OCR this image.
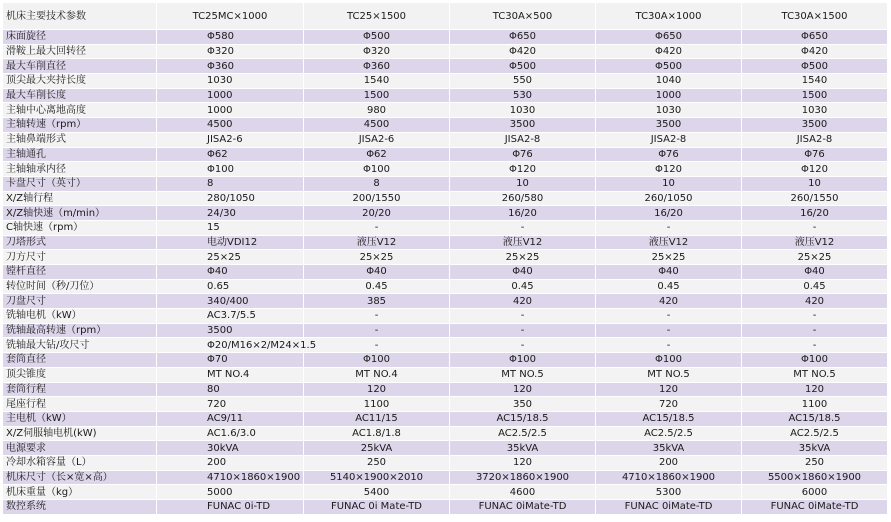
机床主要技术参数	TC25MC×1000	TC25×1500	TC30A×500	TC30A×1000	TC30A×1500
床面旋径	Φ580	Φ500	Φ650	Φ650	Φ650
滑鞍上最大回转径	Φ320	Φ320	Φ420	Φ420	Φ420
最大车削直径	Φ360	Φ360	Φ500	Φ500	Φ500
顶尖最大夹持长度	1030	1540	550	1040	1540
最大车削长度	1000	1500	530	1000	1500
主轴中心离地高度	1000	980	1030	1030	1030
主轴转速（rpm）	4500	4500	3500	3500	3500
主轴鼻端形式	JISA2-6	JISA2-6	JISA2-8	JISA2-8	JISA2-8
主轴通孔	Φ62	Φ62	Φ76	Φ76	Φ76
主轴轴承内径	Φ100	Φ100	Φ120	Φ120	Φ120
卡盘尺寸（英寸）	8	8	10	10	10
X/Z轴行程	280/1050	200/1550	260/580	260/1050	260/1550
X/Z轴快速（m/min）	24/30	20/20	16/20	16/20	16/20
C轴快速（rpm）	15	-	-	-	-
刀塔形式	电动VDI12	液压V12	液压V12	液压V12	液压V12
刀方尺寸	25×25	25×25	25×25	25×25	25×25
镗杆直径	Φ40	Φ40	Φ40	Φ40	Φ40
转位时间（秒/刀位）	0.65	0.45	0.45	0.45	0.45
刀盘尺寸	340/400	385	420	420	420
铣轴电机（kW）	AC3.7/5.5	-	-	-	-
铣轴最高转速（rpm）	3500	-	-	-	-
铣轴最大钻/攻尺寸	Φ20/M16×2/M24×1.5	-	-	-	-
套筒直径	Φ70	Φ100	Φ100	Φ100	Φ100
顶尖锥度	MT NO.4	MT NO.4	MT NO.5	MT NO.5	MT NO.5
套筒行程	80	120	120	120	120
尾座行程	720	1100	350	720	1100
主电机（kW）	AC9/11	AC11/15	AC15/18.5	AC15/18.5	AC15/18.5
X/Z伺服轴电机(kW)	AC1.6/3.0	AC1.8/1.8	AC2.5/2.5	AC2.5/2.5	AC2.5/2.5
电源要求	30kVA	25kVA	35kVA	35kVA	35kVA
冷却水箱容量（L）	200	250	120	200	250
机床尺寸（长×宽×高）	4710×1860×1900	5140×1900×2010	3720×1860×1900	4710×1860×1900	5500×1860×1900
机床重量（kg）	5000	5400	4600	5300	6000
数控系统	FUNAC 0i-TD	FUNAC 0i Mate-TD	FUNAC 0iMate-TD	FUNAC 0iMate-TD	FUNAC 0iMate-TD
